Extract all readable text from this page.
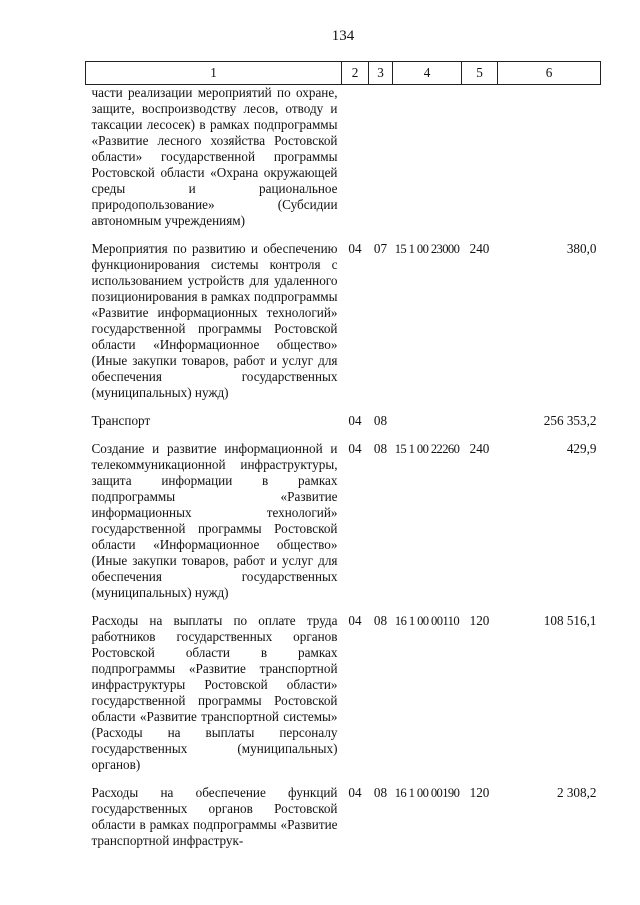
134
1	2	3	4	5	6
части реализации мероприятий по охране, защите, воспроизводству лесов, отводу и таксации лесосек) в рамках подпрограммы «Развитие лесного хозяйства Ростовской области» государственной программы Ростовской области «Охрана окружающей среды и рациональное природопользование» (Субсидии автономным учреждениям)					
Мероприятия по развитию и обеспечению функционирования системы контроля с использованием устройств для удаленного позиционирования в рамках подпрограммы «Развитие информационных технологий» государственной программы Ростовской области «Информационное общество» (Иные закупки товаров, работ и услуг для обеспечения государственных (муниципальных) нужд)	04	07	15 1 00 23000	240	380,0
Транспорт	04	08			256 353,2
Создание и развитие информационной и телекоммуникационной инфраструктуры, защита информации в рамках подпрограммы «Развитие информационных технологий» государственной программы Ростовской области «Информационное общество» (Иные закупки товаров, работ и услуг для обеспечения государственных (муниципальных) нужд)	04	08	15 1 00 22260	240	429,9
Расходы на выплаты по оплате труда работников государственных органов Ростовской области в рамках подпрограммы «Развитие транспортной инфраструктуры Ростовской области» государственной программы Ростовской области «Развитие транспортной системы» (Расходы на выплаты персоналу государственных (муниципальных) органов)	04	08	16 1 00 00110	120	108 516,1
Расходы на обеспечение функций государственных органов Ростовской области в рамках подпрограммы «Развитие транспортной инфраструк-	04	08	16 1 00 00190	120	2 308,2
